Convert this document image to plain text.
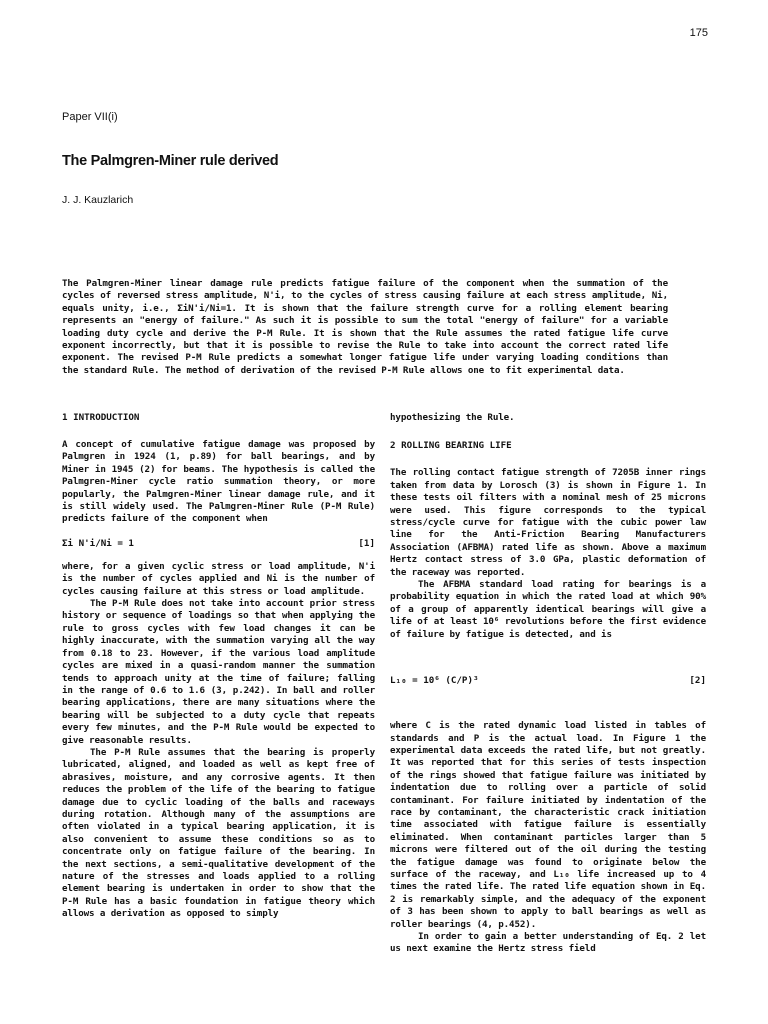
175
Paper VII(i)
The Palmgren-Miner rule derived
J. J. Kauzlarich

The Palmgren-Miner linear damage rule predicts fatigue failure of the component when the summation of the cycles of reversed stress amplitude, N'i, to the cycles of stress causing failure at each stress amplitude, Ni, equals unity, i.e., ΣiN'i/Ni=1. It is shown that the failure strength curve for a rolling element bearing represents an "energy of failure." As such it is possible to sum the total "energy of failure" for a variable loading duty cycle and derive the P-M Rule. It is shown that the Rule assumes the rated fatigue life curve exponent incorrectly, but that it is possible to revise the Rule to take into account the correct rated life exponent. The revised P-M Rule predicts a somewhat longer fatigue life under varying loading conditions than the standard Rule. The method of derivation of the revised P-M Rule allows one to fit experimental data.

1 INTRODUCTION

A concept of cumulative fatigue damage was proposed by Palmgren in 1924 (1, p.89) for ball bearings, and by Miner in 1945 (2) for beams. The hypothesis is called the Palmgren-Miner cycle ratio summation theory, or more popularly, the Palmgren-Miner linear damage rule, and it is still widely used. The Palmgren-Miner Rule (P-M Rule) predicts failure of the component when

Σi N'i/Ni = 1	[1]

where, for a given cyclic stress or load amplitude, N'i is the number of cycles applied and Ni is the number of cycles causing failure at this stress or load amplitude.

The P-M Rule does not take into account prior stress history or sequence of loadings so that when applying the rule to gross cycles with few load changes it can be highly inaccurate, with the summation varying all the way from 0.18 to 23. However, if the various load amplitude cycles are mixed in a quasi-random manner the summation tends to approach unity at the time of failure; falling in the range of 0.6 to 1.6 (3, p.242). In ball and roller bearing applications, there are many situations where the bearing will be subjected to a duty cycle that repeats every few minutes, and the P-M Rule would be expected to give reasonable results.

The P-M Rule assumes that the bearing is properly lubricated, aligned, and loaded as well as kept free of abrasives, moisture, and any corrosive agents. It then reduces the problem of the life of the bearing to fatigue damage due to cyclic loading of the balls and raceways during rotation. Although many of the assumptions are often violated in a typical bearing application, it is also convenient to assume these conditions so as to concentrate only on fatigue failure of the bearing. In the next sections, a semi-qualitative development of the nature of the stresses and loads applied to a rolling element bearing is undertaken in order to show that the P-M Rule has a basic foundation in fatigue theory which allows a derivation as opposed to simply

hypothesizing the Rule.

2 ROLLING BEARING LIFE

The rolling contact fatigue strength of 7205B inner rings taken from data by Lorosch (3) is shown in Figure 1. In these tests oil filters with a nominal mesh of 25 microns were used. This figure corresponds to the typical stress/cycle curve for fatigue with the cubic power law line for the Anti-Friction Bearing Manufacturers Association (AFBMA) rated life as shown. Above a maximum Hertz contact stress of 3.0 GPa, plastic deformation of the raceway was reported.

The AFBMA standard load rating for bearings is a probability equation in which the rated load at which 90% of a group of apparently identical bearings will give a life of at least 10⁶ revolutions before the first evidence of failure by fatigue is detected, and is

L₁₀ = 10⁶ (C/P)³	[2]

where C is the rated dynamic load listed in tables of standards and P is the actual load. In Figure 1 the experimental data exceeds the rated life, but not greatly. It was reported that for this series of tests inspection of the rings showed that fatigue failure was initiated by indentation due to rolling over a particle of solid contaminant. For failure initiated by indentation of the race by contaminant, the characteristic crack initiation time associated with fatigue failure is essentially eliminated. When contaminant particles larger than 5 microns were filtered out of the oil during the testing the fatigue damage was found to originate below the surface of the raceway, and L₁₀ life increased up to 4 times the rated life. The rated life equation shown in Eq. 2 is remarkably simple, and the adequacy of the exponent of 3 has been shown to apply to ball bearings as well as roller bearings (4, p.452).

In order to gain a better understanding of Eq. 2 let us next examine the Hertz stress field
